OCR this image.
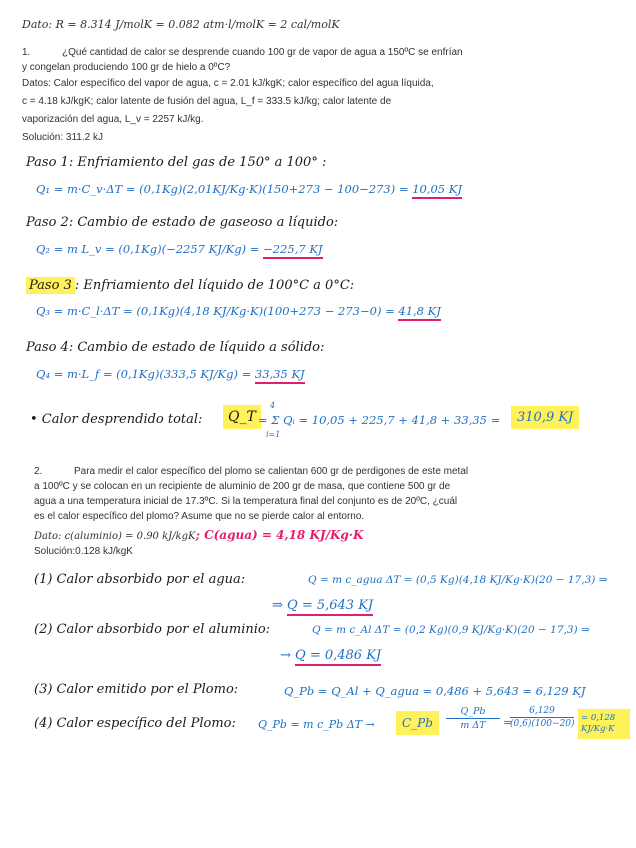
Dato: R = 8.314 J/molK = 0.082 atm·l/molK = 2 cal/molK
1.	¿Qué cantidad de calor se desprende cuando 100 gr de vapor de agua a 150ºC se enfrían
y congelan produciendo 100 gr de hielo a 0ºC?
Datos: Calor específico del vapor de agua, c = 2.01 kJ/kgK; calor específico del agua líquida,
c = 4.18 kJ/kgK; calor latente de fusión del agua, L_f = 333.5 kJ/kg; calor latente de
vaporización del agua, L_v = 2257 kJ/kg.
Solución: 311.2 kJ
Paso 1: Enfriamiento del gas de 150° a 100° :
Q₁ = m·C_v·ΔT = (0,1Kg)(2,01KJ/Kg·K)(150+273 − 100−273) = 10,05 KJ
Paso 2: Cambio de estado de gaseoso a líquido:
Q₂ = m L_v = (0,1Kg)(−2257 KJ/Kg) = −225,7 KJ
Paso 3 : Enfriamiento del líquido de 100°C a 0°C:
Q₃ = m·C_l·ΔT = (0,1Kg)(4,18 KJ/Kg·K)(100+273 − 273−0) = 41,8 KJ
Paso 4: Cambio de estado de líquido a sólido:
Q₄ = m·L_f = (0,1Kg)(333,5 KJ/Kg) = 33,35 KJ
• Calor desprendido total:	Q_T
4
i=1
= Σ Qᵢ = 10,05 + 225,7 + 41,8 + 33,35 =	310,9 KJ
2.	Para medir el calor específico del plomo se calientan 600 gr de perdigones de este metal
a 100ºC y se colocan en un recipiente de aluminio de 200 gr de masa, que contiene 500 gr de
agua a una temperatura inicial de 17.3ºC. Si la temperatura final del conjunto es de 20ºC, ¿cuál
es el calor específico del plomo? Asume que no se pierde calor al entorno.
Dato: c(aluminio) = 0.90 kJ/kgK; C(agua) = 4,18 KJ/Kg·K
Solución:0.128 kJ/kgK
(1) Calor absorbido por el agua:	Q = m c_agua ΔT = (0,5 Kg)(4,18 KJ/Kg·K)(20 − 17,3) ⇒
⇒ Q = 5,643 KJ
(2) Calor absorbido por el aluminio:	Q = m c_Al ΔT = (0,2 Kg)(0,9 KJ/Kg·K)(20 − 17,3) ⇒
→ Q = 0,486 KJ
(3) Calor emitido por el Plomo:	Q_Pb = Q_Al + Q_agua = 0,486 + 5,643 = 6,129 KJ
(4) Calor específico del Plomo: Q_Pb = m c_Pb ΔT →	C_Pb	$\frac{Q\_Pb}{\text{m ΔT}}$ =
$\frac{6,129}{(0,6)(100-20)} = 0,128$ KJ/Kg·K
